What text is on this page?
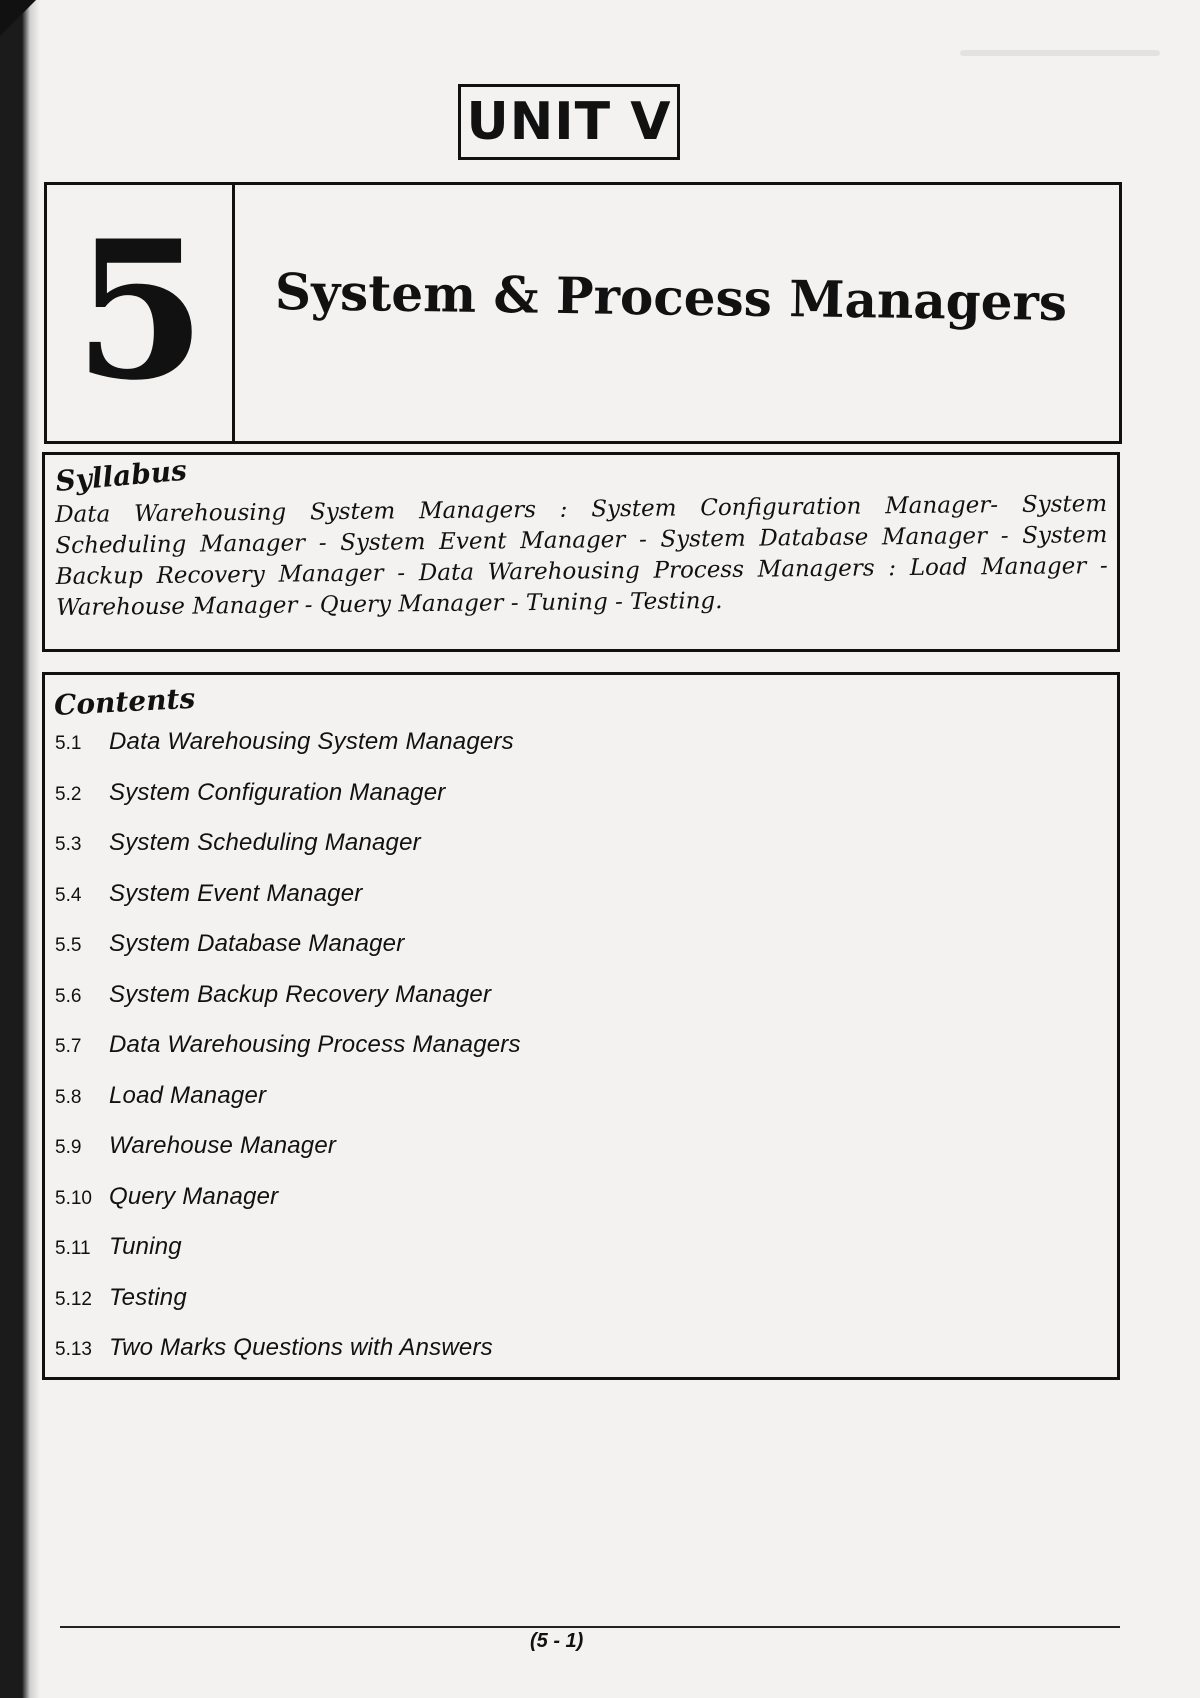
UNIT V
5 System & Process Managers
Syllabus
Data Warehousing System Managers : System Configuration Manager- System Scheduling Manager - System Event Manager - System Database Manager - System Backup Recovery Manager - Data Warehousing Process Managers : Load Manager - Warehouse Manager - Query Manager - Tuning - Testing.
Contents
5.1	Data Warehousing System Managers
5.2	System Configuration Manager
5.3	System Scheduling Manager
5.4	System Event Manager
5.5	System Database Manager
5.6	System Backup Recovery Manager
5.7	Data Warehousing Process Managers
5.8	Load Manager
5.9	Warehouse Manager
5.10 Query Manager
5.11 Tuning
5.12 Testing
5.13 Two Marks Questions with Answers
(5 - 1)
